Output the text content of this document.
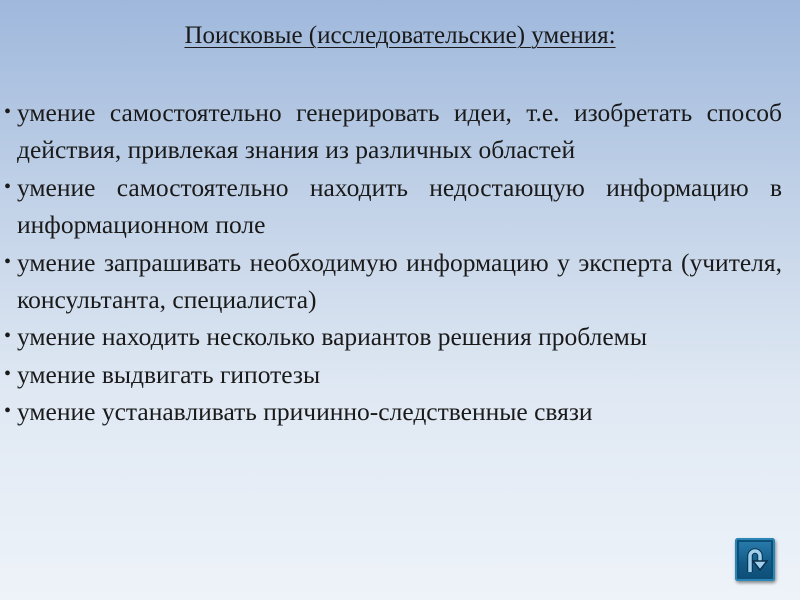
Поисковые (исследовательские) умения:
• умение самостоятельно генерировать идеи, т.е. изобретать способ действия, привлекая знания из различных областей
• умение самостоятельно находить недостающую информацию в информационном поле
• умение запрашивать необходимую информацию у эксперта (учителя, консультанта, специалиста)
• умение находить несколько вариантов решения проблемы
• умение выдвигать гипотезы
• умение устанавливать причинно-следственные связи
